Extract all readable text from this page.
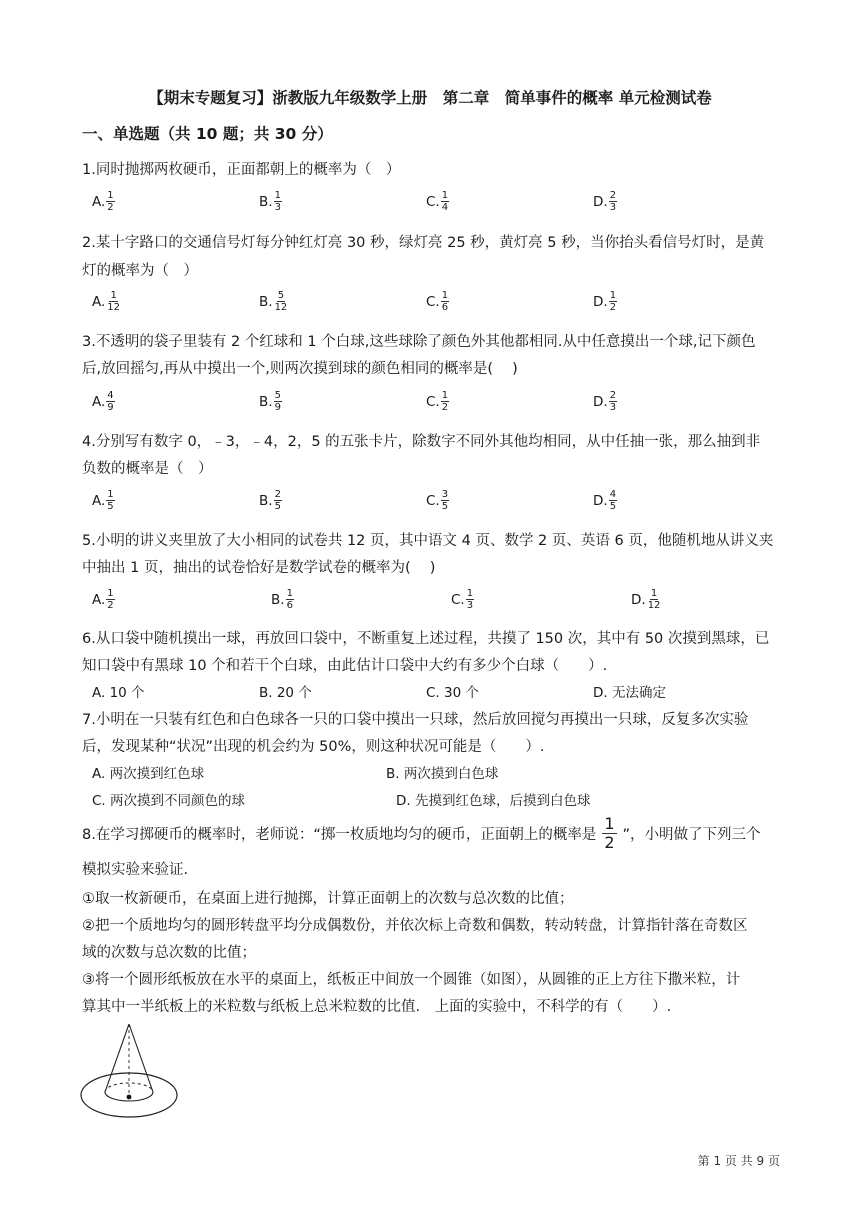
【期末专题复习】浙教版九年级数学上册　第二章　简单事件的概率 单元检测试卷
一、单选题（共 10 题；共 30 分）
1.同时抛掷两枚硬币，正面都朝上的概率为（　）
A. $\frac{1}{2}$	B. $\frac{1}{3}$	C. $\frac{1}{4}$	D. $\frac{2}{3}$
2.某十字路口的交通信号灯每分钟红灯亮 30 秒，绿灯亮 25 秒，黄灯亮 5 秒，当你抬头看信号灯时，是黄
灯的概率为（　）
A. $\frac{1}{12}$	B. $\frac{5}{12}$	C. $\frac{1}{6}$	D. $\frac{1}{2}$
3.不透明的袋子里装有 2 个红球和 1 个白球,这些球除了颜色外其他都相同.从中任意摸出一个球,记下颜色
后,放回摇匀,再从中摸出一个,则两次摸到球的颜色相同的概率是(　 )
A. $\frac{4}{9}$	B. $\frac{5}{9}$	C. $\frac{1}{2}$	D. $\frac{2}{3}$
4.分别写有数字 0，﹣3，﹣4，2，5 的五张卡片，除数字不同外其他均相同，从中任抽一张，那么抽到非
负数的概率是（　）
A. $\frac{1}{5}$	B. $\frac{2}{5}$	C. $\frac{3}{5}$	D. $\frac{4}{5}$
5.小明的讲义夹里放了大小相同的试卷共 12 页，其中语文 4 页、数学 2 页、英语 6 页，他随机地从讲义夹
中抽出 1 页，抽出的试卷恰好是数学试卷的概率为(　 )
A. $\frac{1}{2}$	B. $\frac{1}{6}$	C. $\frac{1}{3}$	D. $\frac{1}{12}$
6.从口袋中随机摸出一球，再放回口袋中，不断重复上述过程，共摸了 150 次，其中有 50 次摸到黑球，已
知口袋中有黑球 10 个和若干个白球，由此估计口袋中大约有多少个白球（　　）.
A. 10 个	B. 20 个	C. 30 个	D. 无法确定
7.小明在一只装有红色和白色球各一只的口袋中摸出一只球，然后放回搅匀再摸出一只球，反复多次实验
后，发现某种“状况”出现的机会约为 50%，则这种状况可能是（　　）.
A. 两次摸到红色球	B. 两次摸到白色球
C. 两次摸到不同颜色的球	D. 先摸到红色球，后摸到白色球
8.在学习掷硬币的概率时，老师说：“掷一枚质地均匀的硬币，正面朝上的概率是
1
2 ”，小明做了下列三个
模拟实验来验证.
①取一枚新硬币，在桌面上进行抛掷，计算正面朝上的次数与总次数的比值；
②把一个质地均匀的圆形转盘平均分成偶数份，并依次标上奇数和偶数，转动转盘，计算指针落在奇数区
域的次数与总次数的比值；
③将一个圆形纸板放在水平的桌面上，纸板正中间放一个圆锥（如图），从圆锥的正上方往下撒米粒，计
算其中一半纸板上的米粒数与纸板上总米粒数的比值.　上面的实验中，不科学的有（　　）.
第 1 页 共 9 页
